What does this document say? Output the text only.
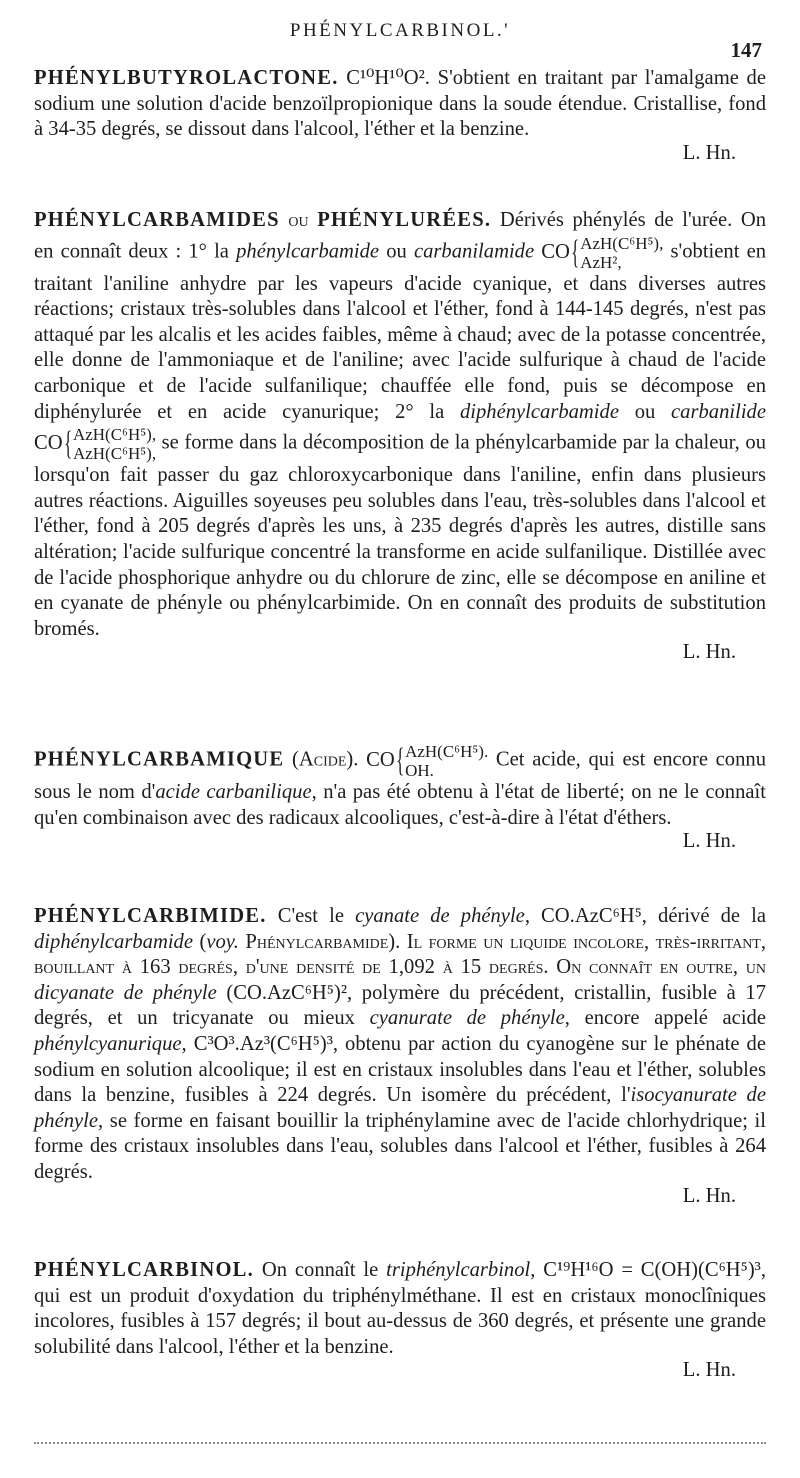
PHÉNYLCARBINOL.'
147
PHÉNYLBUTYROLACTONE. C¹⁰H¹⁰O². S'obtient en traitant par l'amalgame de sodium une solution d'acide benzoïlpropionique dans la soude étendue. Cristallise, fond à 34-35 degrés, se dissout dans l'alcool, l'éther et la benzine.
L. Hn.
PHÉNYLCARBAMIDES ou PHÉNYLURÉES. Dérivés phénylés de l'urée. On en connaît deux : 1° la phénylcarbamide ou carbanilamide CO{AzH(C⁶H⁵),
AzH², s'obtient en traitant l'aniline anhydre par les vapeurs d'acide cyanique, et dans diverses autres réactions; cristaux très-solubles dans l'alcool et l'éther, fond à 144-145 degrés, n'est pas attaqué par les alcalis et les acides faibles, même à chaud; avec de la potasse concentrée, elle donne de l'ammoniaque et de l'aniline; avec l'acide sulfurique à chaud de l'acide carbonique et de l'acide sulfanilique; chauffée elle fond, puis se décompose en diphénylurée et en acide cyanurique; 2° la diphénylcarbamide ou carbanilide CO{AzH(C⁶H⁵),
AzH(C⁶H⁵), se forme dans la décomposition de la phénylcarbamide par la chaleur, ou lorsqu'on fait passer du gaz chloroxycarbonique dans l'aniline, enfin dans plusieurs autres réactions. Aiguilles soyeuses peu solubles dans l'eau, très-solubles dans l'alcool et l'éther, fond à 205 degrés d'après les uns, à 235 degrés d'après les autres, distille sans altération; l'acide sulfurique concentré la transforme en acide sulfanilique. Distillée avec de l'acide phosphorique anhydre ou du chlorure de zinc, elle se décompose en aniline et en cyanate de phényle ou phénylcarbimide. On en connaît des produits de substitution bromés.
L. Hn.
PHÉNYLCARBAMIQUE (Acide). CO{AzH(C⁶H⁵).
OH.	Cet acide, qui est encore connu sous le nom d'acide carbanilique, n'a pas été obtenu à l'état de liberté; on ne le connaît qu'en combinaison avec des radicaux alcooliques, c'est-à-dire à l'état d'éthers.
L. Hn.
PHÉNYLCARBIMIDE. C'est le cyanate de phényle, CO.AzC⁶H⁵, dérivé de la diphénylcarbamide (voy. Phénylcarbamide). Il forme un liquide incolore, très-irritant, bouillant à 163 degrés, d'une densité de 1,092 à 15 degrés. On connaît en outre, un dicyanate de phényle (CO.AzC⁶H⁵)², polymère du précédent, cristallin, fusible à 17 degrés, et un tricyanate ou mieux cyanurate de phényle, encore appelé acide phénylcyanurique, C³O³.Az³(C⁶H⁵)³, obtenu par action du cyanogène sur le phénate de sodium en solution alcoolique; il est en cristaux insolubles dans l'eau et l'éther, solubles dans la benzine, fusibles à 224 degrés. Un isomère du précédent, l'isocyanurate de phényle, se forme en faisant bouillir la triphénylamine avec de l'acide chlorhydrique; il forme des cristaux insolubles dans l'eau, solubles dans l'alcool et l'éther, fusibles à 264 degrés.
L. Hn.
PHÉNYLCARBINOL. On connaît le triphénylcarbinol, C¹⁹H¹⁶O = C(OH)(C⁶H⁵)³, qui est un produit d'oxydation du triphénylméthane. Il est en cristaux monoclîniques incolores, fusibles à 157 degrés; il bout au-dessus de 360 degrés, et présente une grande solubilité dans l'alcool, l'éther et la benzine.
L. Hn.
